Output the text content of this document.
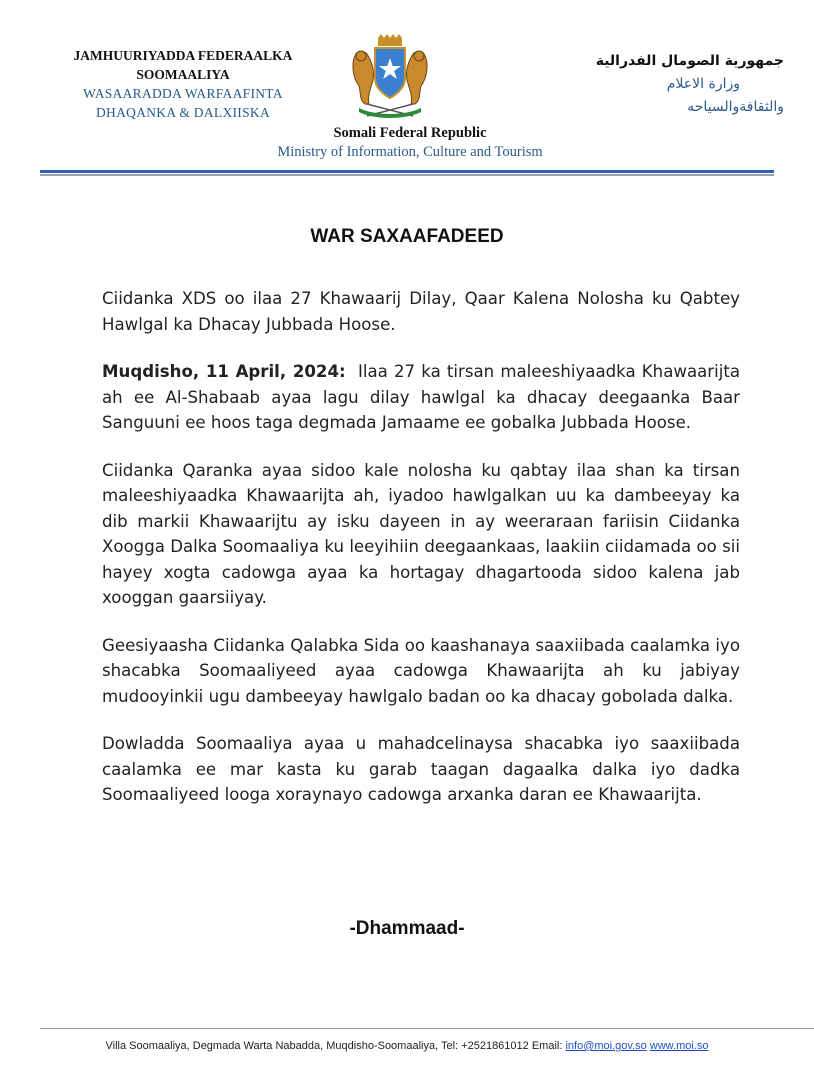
JAMHUURIYADDA FEDERAALKA
SOOMAALIYA
WASAARADDA WARFAAFINTA
DHAQANKA & DALXIISKA
Somali Federal Republic
Ministry of Information, Culture and Tourism
جمهورية الصومال الفدرالية
وزارة الاعلام
والثقافةوالسياحه
WAR SAXAAFADEED

Ciidanka XDS oo ilaa 27 Khawaarij Dilay, Qaar Kalena Nolosha ku Qabtey Hawlgal ka Dhacay Jubbada Hoose.

Muqdisho, 11 April, 2024: Ilaa 27 ka tirsan maleeshiyaadka Khawaarijta ah ee Al-Shabaab ayaa lagu dilay hawlgal ka dhacay deegaanka Baar Sanguuni ee hoos taga degmada Jamaame ee gobalka Jubbada Hoose.

Ciidanka Qaranka ayaa sidoo kale nolosha ku qabtay ilaa shan ka tirsan maleeshiyaadka Khawaarijta ah, iyadoo hawlgalkan uu ka dambeeyay ka dib markii Khawaarijtu ay isku dayeen in ay weeraraan fariisin Ciidanka Xoogga Dalka Soomaaliya ku leeyihiin deegaankaas, laakiin ciidamada oo sii hayey xogta cadowga ayaa ka hortagay dhagartooda sidoo kalena jab xooggan gaarsiiyay.

Geesiyaasha Ciidanka Qalabka Sida oo kaashanaya saaxiibada caalamka iyo shacabka Soomaaliyeed ayaa cadowga Khawaarijta ah ku jabiyay mudooyinkii ugu dambeeyay hawlgalo badan oo ka dhacay gobolada dalka.

Dowladda Soomaaliya ayaa u mahadcelinaysa shacabka iyo saaxiibada caalamka ee mar kasta ku garab taagan dagaalka dalka iyo dadka Soomaaliyeed looga xoraynayo cadowga arxanka daran ee Khawaarijta.

-Dhammaad-
Villa Soomaaliya, Degmada Warta Nabadda, Muqdisho-Soomaaliya, Tel: +2521861012 Email: info@moi.gov.so www.moi.so
